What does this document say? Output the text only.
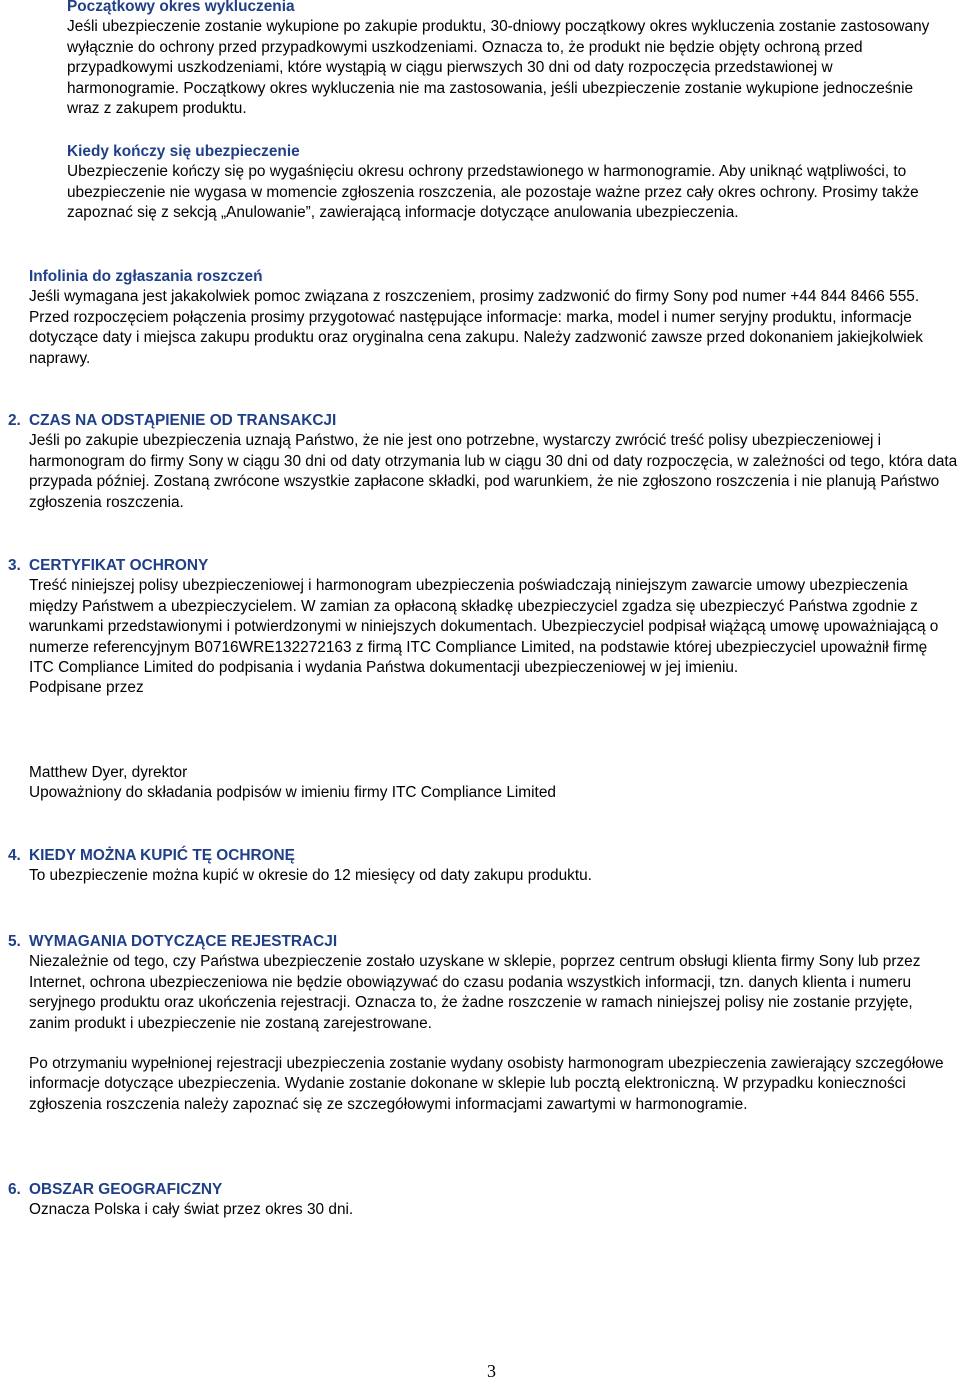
Początkowy okres wykluczenia
Jeśli ubezpieczenie zostanie wykupione po zakupie produktu, 30-dniowy początkowy okres wykluczenia zostanie zastosowany wyłącznie do ochrony przed przypadkowymi uszkodzeniami. Oznacza to, że produkt nie będzie objęty ochroną przed przypadkowymi uszkodzeniami, które wystąpią w ciągu pierwszych 30 dni od daty rozpoczęcia przedstawionej w harmonogramie. Początkowy okres wykluczenia nie ma zastosowania, jeśli ubezpieczenie zostanie wykupione jednocześnie wraz z zakupem produktu.
Kiedy kończy się ubezpieczenie
Ubezpieczenie kończy się po wygaśnięciu okresu ochrony przedstawionego w harmonogramie. Aby uniknąć wątpliwości, to ubezpieczenie nie wygasa w momencie zgłoszenia roszczenia, ale pozostaje ważne przez cały okres ochrony. Prosimy także zapoznać się z sekcją „Anulowanie”, zawierającą informacje dotyczące anulowania ubezpieczenia.
Infolinia do zgłaszania roszczeń
Jeśli wymagana jest jakakolwiek pomoc związana z roszczeniem, prosimy zadzwonić do firmy Sony pod numer +44 844 8466 555. Przed rozpoczęciem połączenia prosimy przygotować następujące informacje: marka, model i numer seryjny produktu, informacje dotyczące daty i miejsca zakupu produktu oraz oryginalna cena zakupu. Należy zadzwonić zawsze przed dokonaniem jakiejkolwiek naprawy.
2. CZAS NA ODSTĄPIENIE OD TRANSAKCJI
Jeśli po zakupie ubezpieczenia uznają Państwo, że nie jest ono potrzebne, wystarczy zwrócić treść polisy ubezpieczeniowej i harmonogram do firmy Sony w ciągu 30 dni od daty otrzymania lub w ciągu 30 dni od daty rozpoczęcia, w zależności od tego, która data przypada później. Zostaną zwrócone wszystkie zapłacone składki, pod warunkiem, że nie zgłoszono roszczenia i nie planują Państwo zgłoszenia roszczenia.
3. CERTYFIKAT OCHRONY
Treść niniejszej polisy ubezpieczeniowej i harmonogram ubezpieczenia poświadczają niniejszym zawarcie umowy ubezpieczenia między Państwem a ubezpieczycielem. W zamian za opłaconą składkę ubezpieczyciel zgadza się ubezpieczyć Państwa zgodnie z warunkami przedstawionymi i potwierdzonymi w niniejszych dokumentach. Ubezpieczyciel podpisał wiążącą umowę upoważniającą o numerze referencyjnym B0716WRE132272163 z firmą ITC Compliance Limited, na podstawie której ubezpieczyciel upoważnił firmę ITC Compliance Limited do podpisania i wydania Państwa dokumentacji ubezpieczeniowej w jej imieniu.
Podpisane przez
Matthew Dyer, dyrektor
Upoważniony do składania podpisów w imieniu firmy ITC Compliance Limited
4. KIEDY MOŻNA KUPIĆ TĘ OCHRONĘ
To ubezpieczenie można kupić w okresie do 12 miesięcy od daty zakupu produktu.
5. WYMAGANIA DOTYCZĄCE REJESTRACJI
Niezależnie od tego, czy Państwa ubezpieczenie zostało uzyskane w sklepie, poprzez centrum obsługi klienta firmy Sony lub przez Internet, ochrona ubezpieczeniowa nie będzie obowiązywać do czasu podania wszystkich informacji, tzn. danych klienta i numeru seryjnego produktu oraz ukończenia rejestracji. Oznacza to, że żadne roszczenie w ramach niniejszej polisy nie zostanie przyjęte, zanim produkt i ubezpieczenie nie zostaną zarejestrowane.
Po otrzymaniu wypełnionej rejestracji ubezpieczenia zostanie wydany osobisty harmonogram ubezpieczenia zawierający szczegółowe informacje dotyczące ubezpieczenia. Wydanie zostanie dokonane w sklepie lub pocztą elektroniczną. W przypadku konieczności zgłoszenia roszczenia należy zapoznać się ze szczegółowymi informacjami zawartymi w harmonogramie.
6. OBSZAR GEOGRAFICZNY
Oznacza Polska i cały świat przez okres 30 dni.
3
